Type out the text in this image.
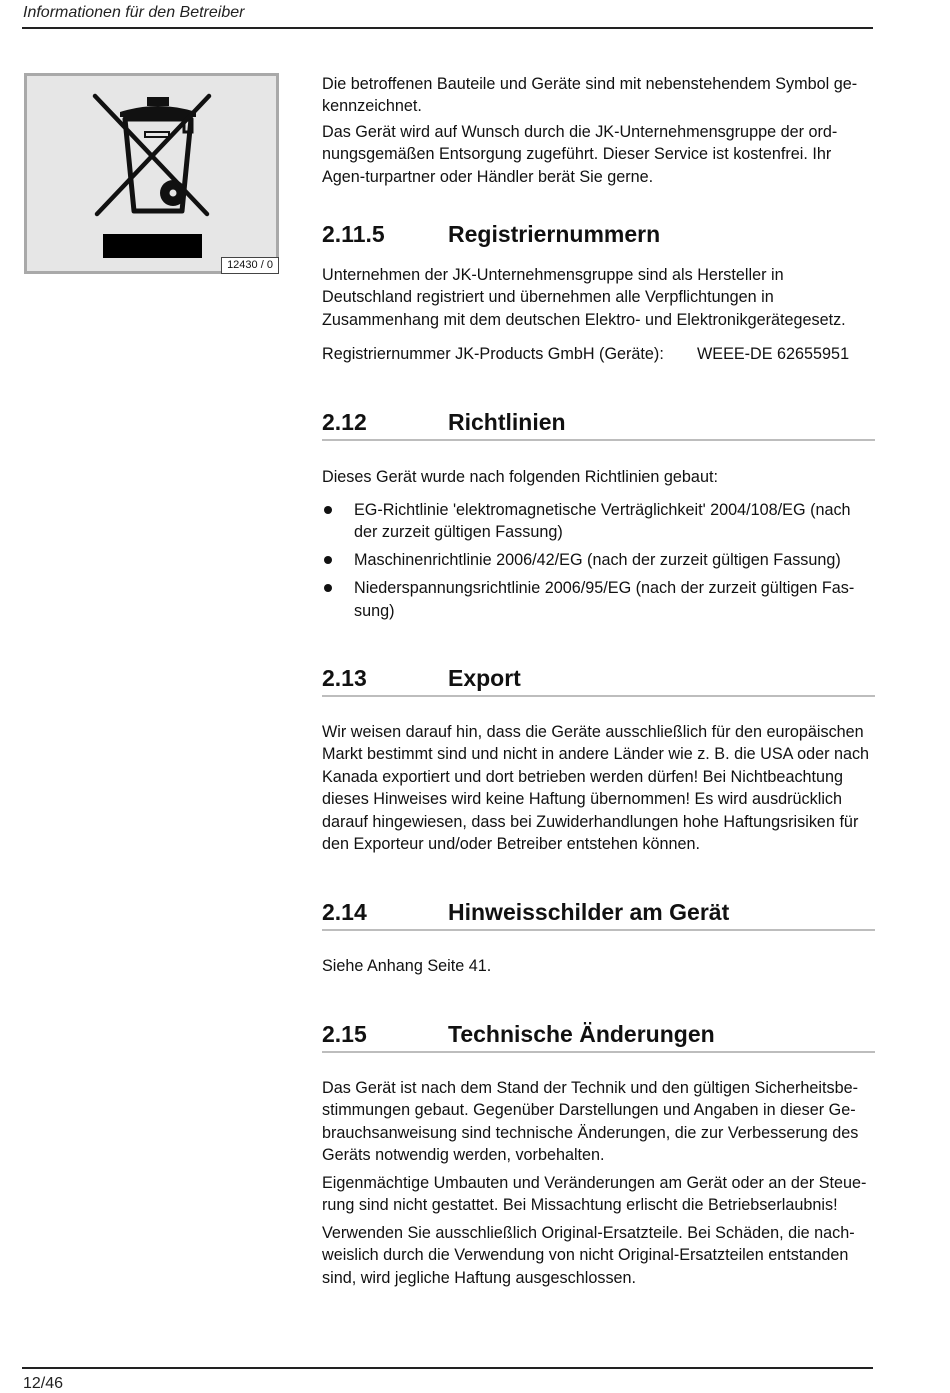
Informationen für den Betreiber
12430 / 0
Die betroffenen Bauteile und Geräte sind mit nebenstehendem Symbol ge-kennzeichnet.
Das Gerät wird auf Wunsch durch die JK-Unternehmensgruppe der ord-nungsgemäßen Entsorgung zugeführt. Dieser Service ist kostenfrei. Ihr Agen-turpartner oder Händler berät Sie gerne.
2.11.5	Registriernummern
Unternehmen der JK-Unternehmensgruppe sind als Hersteller in Deutschland registriert und übernehmen alle Verpflichtungen in Zusammenhang mit dem deutschen Elektro- und Elektronikgerätegesetz.
Registriernummer JK-Products GmbH (Geräte): WEEE-DE 62655951
2.12	Richtlinien
Dieses Gerät wurde nach folgenden Richtlinien gebaut:
EG-Richtlinie 'elektromagnetische Verträglichkeit' 2004/108/EG (nach der zurzeit gültigen Fassung)
Maschinenrichtlinie 2006/42/EG (nach der zurzeit gültigen Fassung)
Niederspannungsrichtlinie 2006/95/EG (nach der zurzeit gültigen Fas-sung)
2.13	Export
Wir weisen darauf hin, dass die Geräte ausschließlich für den europäischen Markt bestimmt sind und nicht in andere Länder wie z. B. die USA oder nach Kanada exportiert und dort betrieben werden dürfen! Bei Nichtbeachtung dieses Hinweises wird keine Haftung übernommen! Es wird ausdrücklich darauf hingewiesen, dass bei Zuwiderhandlungen hohe Haftungsrisiken für den Exporteur und/oder Betreiber entstehen können.
2.14	Hinweisschilder am Gerät
Siehe Anhang Seite 41.
2.15	Technische Änderungen
Das Gerät ist nach dem Stand der Technik und den gültigen Sicherheitsbe-stimmungen gebaut. Gegenüber Darstellungen und Angaben in dieser Ge-brauchsanweisung sind technische Änderungen, die zur Verbesserung des Geräts notwendig werden, vorbehalten.
Eigenmächtige Umbauten und Veränderungen am Gerät oder an der Steue-rung sind nicht gestattet. Bei Missachtung erlischt die Betriebserlaubnis!
Verwenden Sie ausschließlich Original-Ersatzteile. Bei Schäden, die nach-weislich durch die Verwendung von nicht Original-Ersatzteilen entstanden sind, wird jegliche Haftung ausgeschlossen.
12/46
